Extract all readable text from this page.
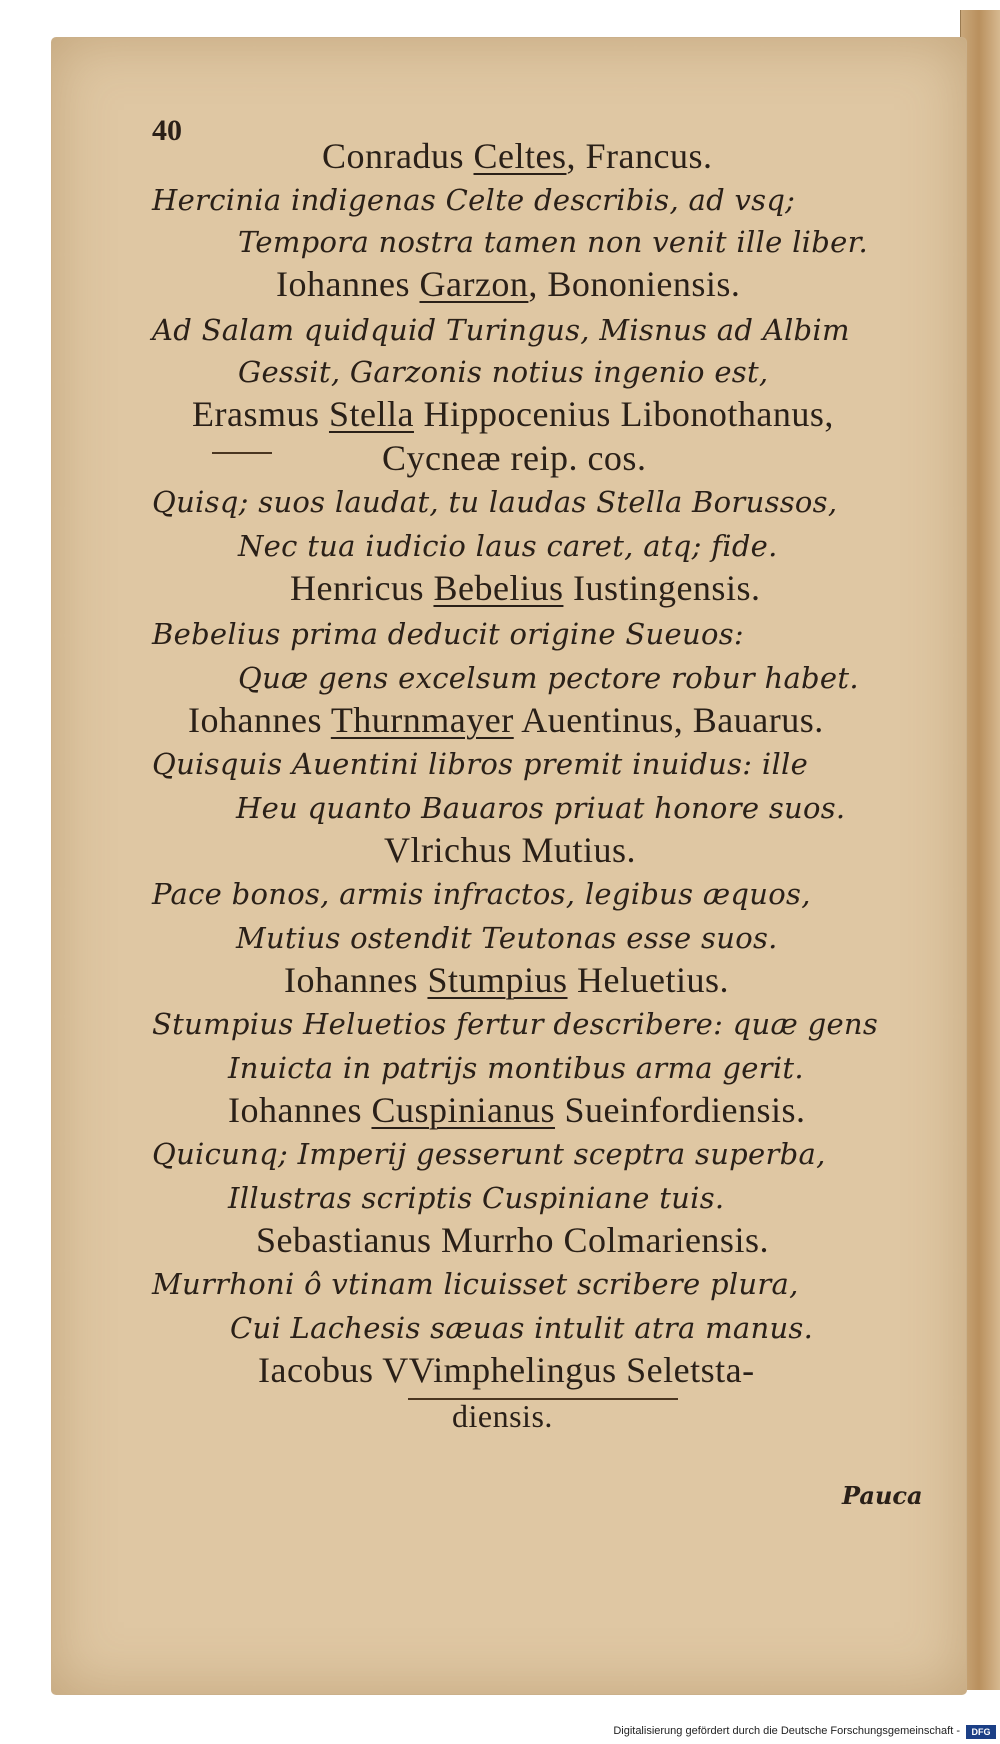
40
Conradus Celtes, Francus.
Hercinia indigenas Celte describis, ad vsq;
Tempora nostra tamen non venit ille liber.
Iohannes Garzon, Bononiensis.
Ad Salam quidquid Turingus, Misnus ad Albim
Gessit, Garzonis notius ingenio est,
Erasmus Stella Hippocenius Libonothanus,
Cycneæ reip. cos.
Quisq; suos laudat, tu laudas Stella Borussos,
Nec tua iudicio laus caret, atq; fide.
Henricus Bebelius Iustingensis.
Bebelius prima deducit origine Sueuos:
Quæ gens excelsum pectore robur habet.
Iohannes Thurnmayer Auentinus, Bauarus.
Quisquis Auentini libros premit inuidus: ille
Heu quanto Bauaros priuat honore suos.
Vlrichus Mutius.
Pace bonos, armis infractos, legibus æquos,
Mutius ostendit Teutonas esse suos.
Iohannes Stumpius Heluetius.
Stumpius Heluetios fertur describere: quæ gens
Inuicta in patrijs montibus arma gerit.
Iohannes Cuspinianus Sueinfordiensis.
Quicunq; Imperij gesserunt sceptra superba,
Illustras scriptis Cuspiniane tuis.
Sebastianus Murrho Colmariensis.
Murrhoni ô vtinam licuisset scribere plura,
Cui Lachesis sæuas intulit atra manus.
Iacobus VVimphelingus Seletsta-
diensis.
Pauca
Digitalisierung gefördert durch die Deutsche Forschungsgemeinschaft -	DFG
